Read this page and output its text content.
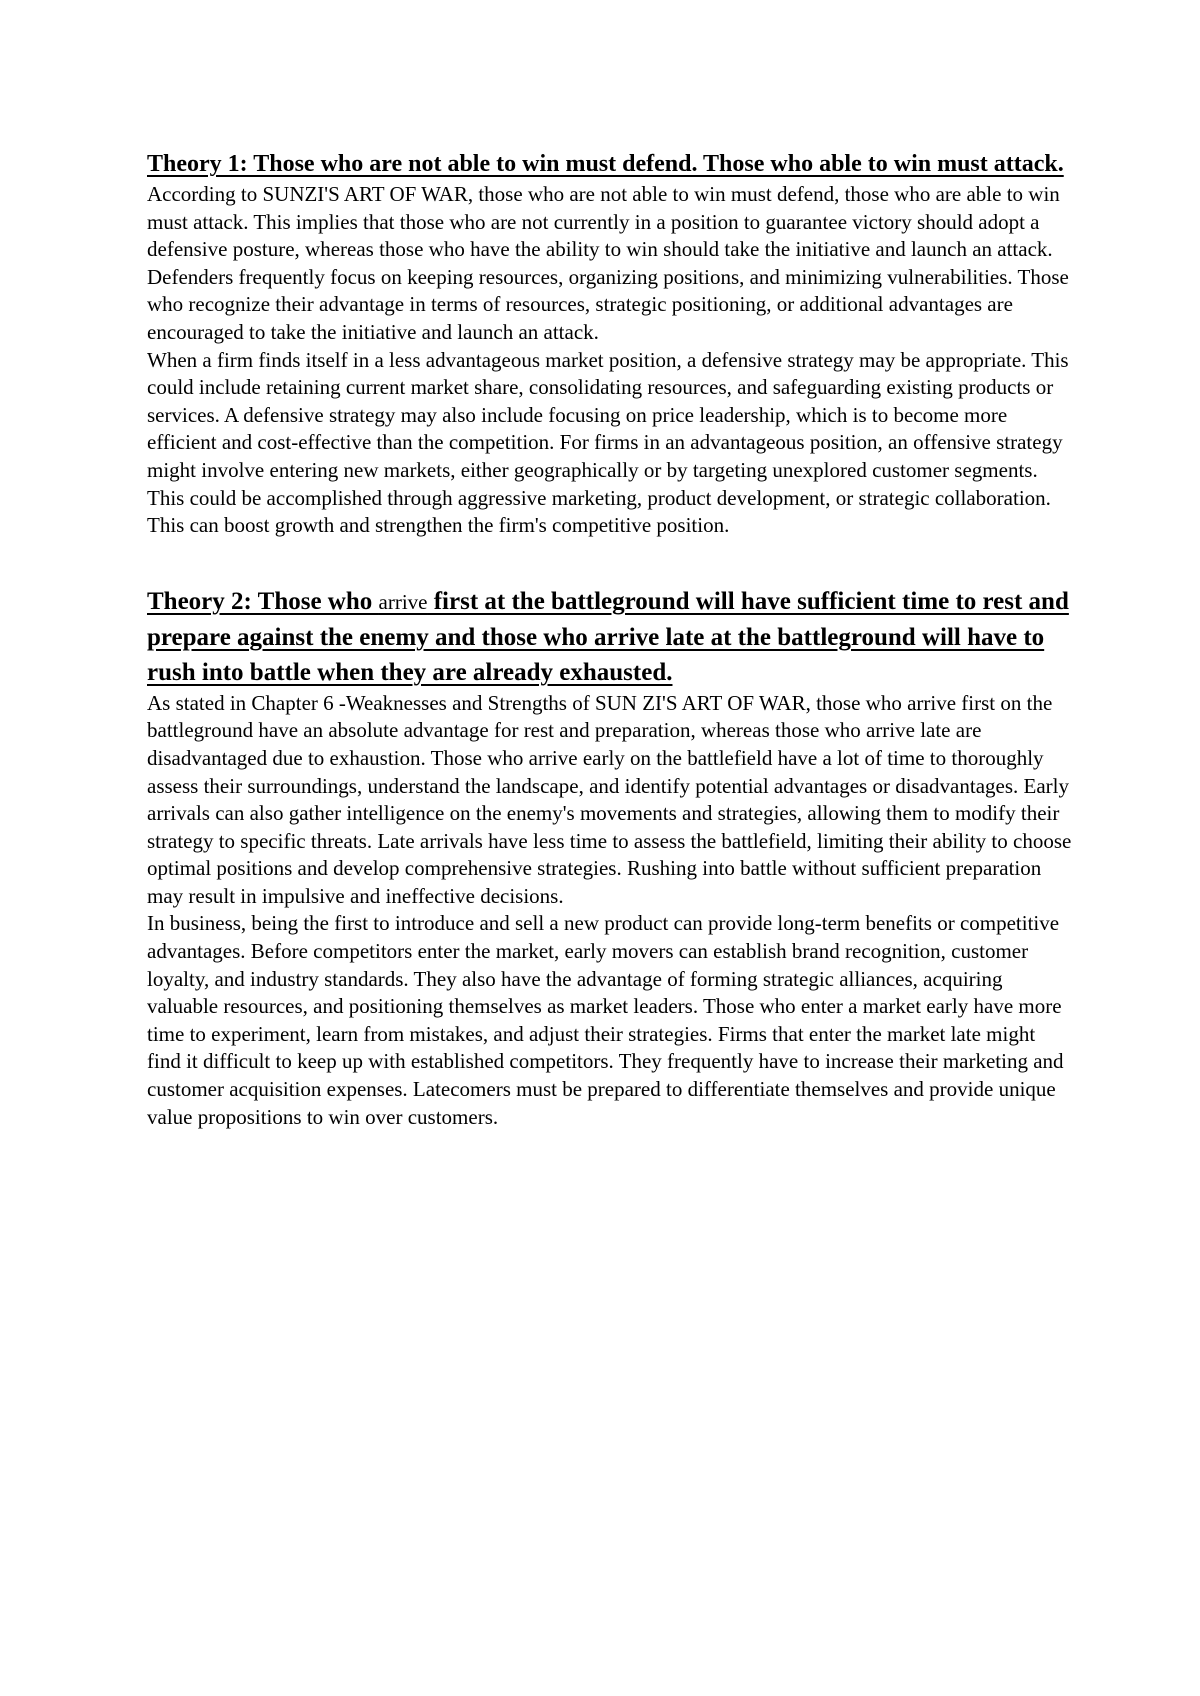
Theory 1: Those who are not able to win must defend. Those who able to win must attack.

According to SUNZI'S ART OF WAR, those who are not able to win must defend, those who are able to win must attack. This implies that those who are not currently in a position to guarantee victory should adopt a defensive posture, whereas those who have the ability to win should take the initiative and launch an attack. Defenders frequently focus on keeping resources, organizing positions, and minimizing vulnerabilities. Those who recognize their advantage in terms of resources, strategic positioning, or additional advantages are encouraged to take the initiative and launch an attack.

When a firm finds itself in a less advantageous market position, a defensive strategy may be appropriate. This could include retaining current market share, consolidating resources, and safeguarding existing products or services. A defensive strategy may also include focusing on price leadership, which is to become more efficient and cost-effective than the competition. For firms in an advantageous position, an offensive strategy might involve entering new markets, either geographically or by targeting unexplored customer segments. This could be accomplished through aggressive marketing, product development, or strategic collaboration. This can boost growth and strengthen the firm's competitive position.

Theory 2: Those who arrive first at the battleground will have sufficient time to rest and prepare against the enemy and those who arrive late at the battleground will have to rush into battle when they are already exhausted.

As stated in Chapter 6 -Weaknesses and Strengths of SUN ZI'S ART OF WAR, those who arrive first on the battleground have an absolute advantage for rest and preparation, whereas those who arrive late are disadvantaged due to exhaustion. Those who arrive early on the battlefield have a lot of time to thoroughly assess their surroundings, understand the landscape, and identify potential advantages or disadvantages. Early arrivals can also gather intelligence on the enemy's movements and strategies, allowing them to modify their strategy to specific threats. Late arrivals have less time to assess the battlefield, limiting their ability to choose optimal positions and develop comprehensive strategies. Rushing into battle without sufficient preparation may result in impulsive and ineffective decisions.

In business, being the first to introduce and sell a new product can provide long-term benefits or competitive advantages. Before competitors enter the market, early movers can establish brand recognition, customer loyalty, and industry standards. They also have the advantage of forming strategic alliances, acquiring valuable resources, and positioning themselves as market leaders. Those who enter a market early have more time to experiment, learn from mistakes, and adjust their strategies. Firms that enter the market late might find it difficult to keep up with established competitors. They frequently have to increase their marketing and customer acquisition expenses. Latecomers must be prepared to differentiate themselves and provide unique value propositions to win over customers.
